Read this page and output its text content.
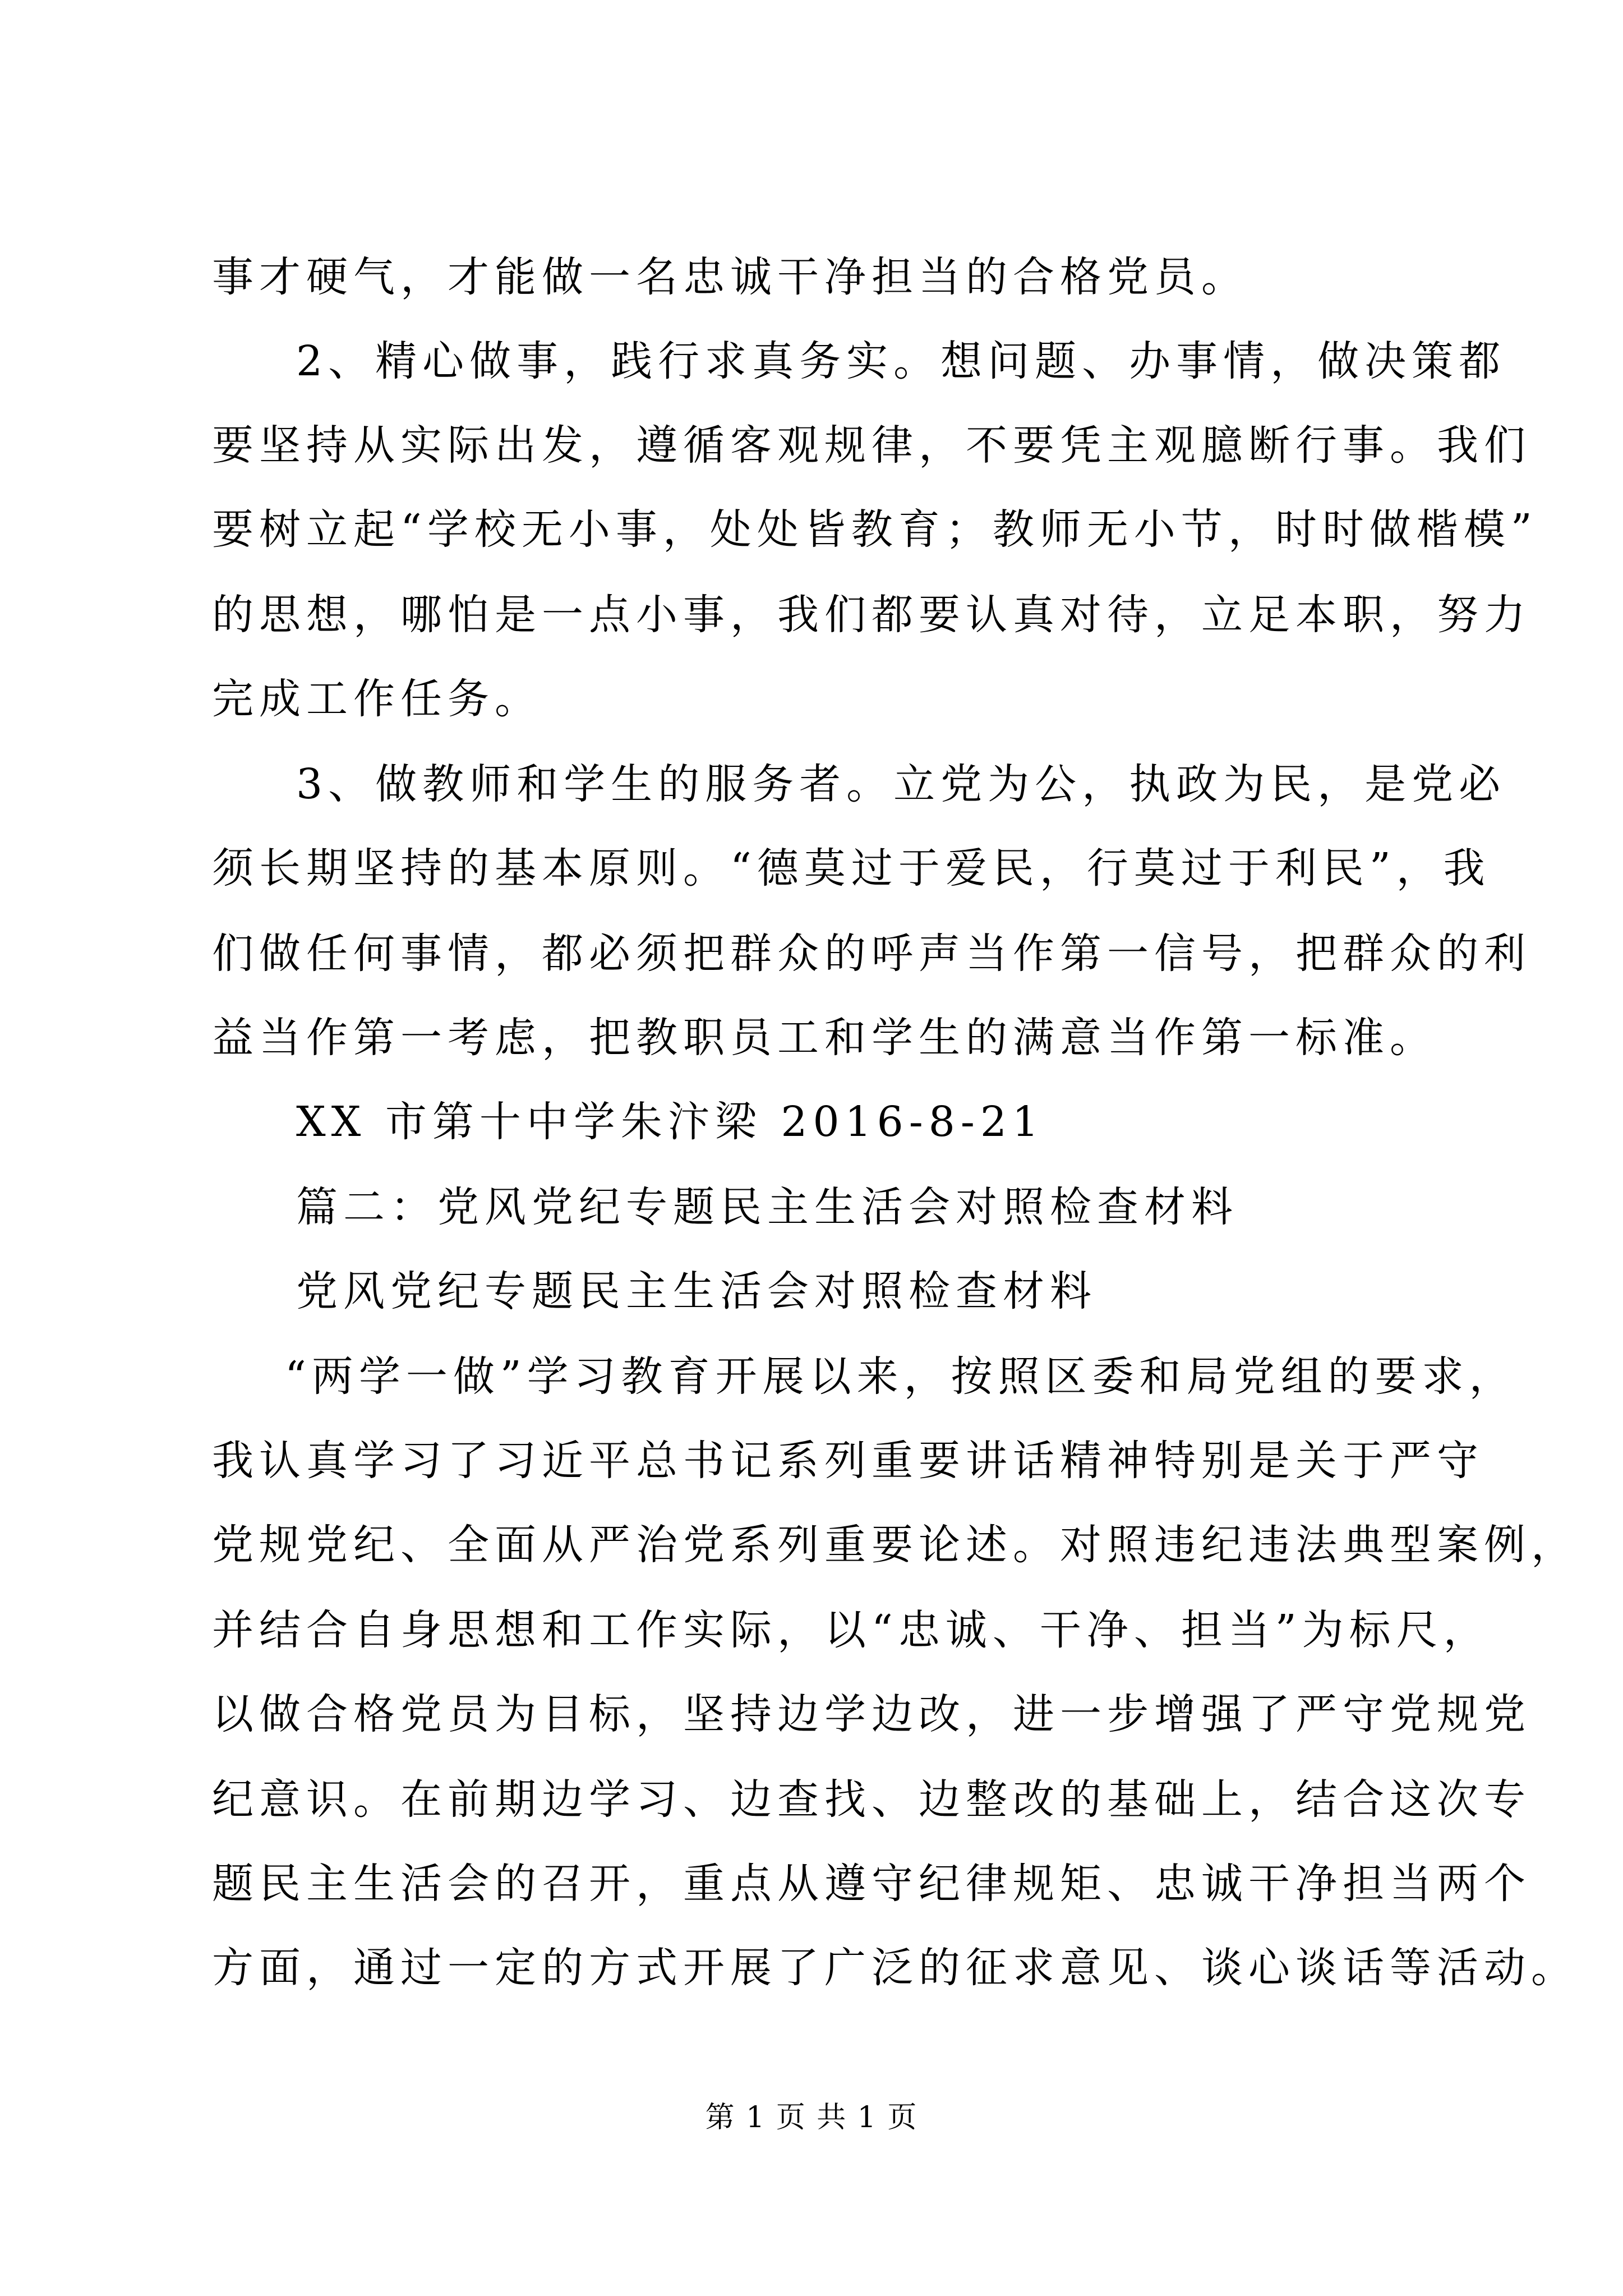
事才硬气，才能做一名忠诚干净担当的合格党员。
2、精心做事，践行求真务实。想问题、办事情，做决策都
要坚持从实际出发，遵循客观规律，不要凭主观臆断行事。我们
要树立起“学校无小事，处处皆教育；教师无小节，时时做楷模”
的思想，哪怕是一点小事，我们都要认真对待，立足本职，努力
完成工作任务。
3、做教师和学生的服务者。立党为公，执政为民，是党必
须长期坚持的基本原则。“德莫过于爱民，行莫过于利民”，我
们做任何事情，都必须把群众的呼声当作第一信号，把群众的利
益当作第一考虑，把教职员工和学生的满意当作第一标准。
XX 市第十中学朱汴梁 2016-8-21
篇二：党风党纪专题民主生活会对照检查材料
党风党纪专题民主生活会对照检查材料
“两学一做”学习教育开展以来，按照区委和局党组的要求，
我认真学习了习近平总书记系列重要讲话精神特别是关于严守
党规党纪、全面从严治党系列重要论述。对照违纪违法典型案例，
并结合自身思想和工作实际，以“忠诚、干净、担当”为标尺，
以做合格党员为目标，坚持边学边改，进一步增强了严守党规党
纪意识。在前期边学习、边查找、边整改的基础上，结合这次专
题民主生活会的召开，重点从遵守纪律规矩、忠诚干净担当两个
方面，通过一定的方式开展了广泛的征求意见、谈心谈话等活动。
第 1 页 共 1 页
